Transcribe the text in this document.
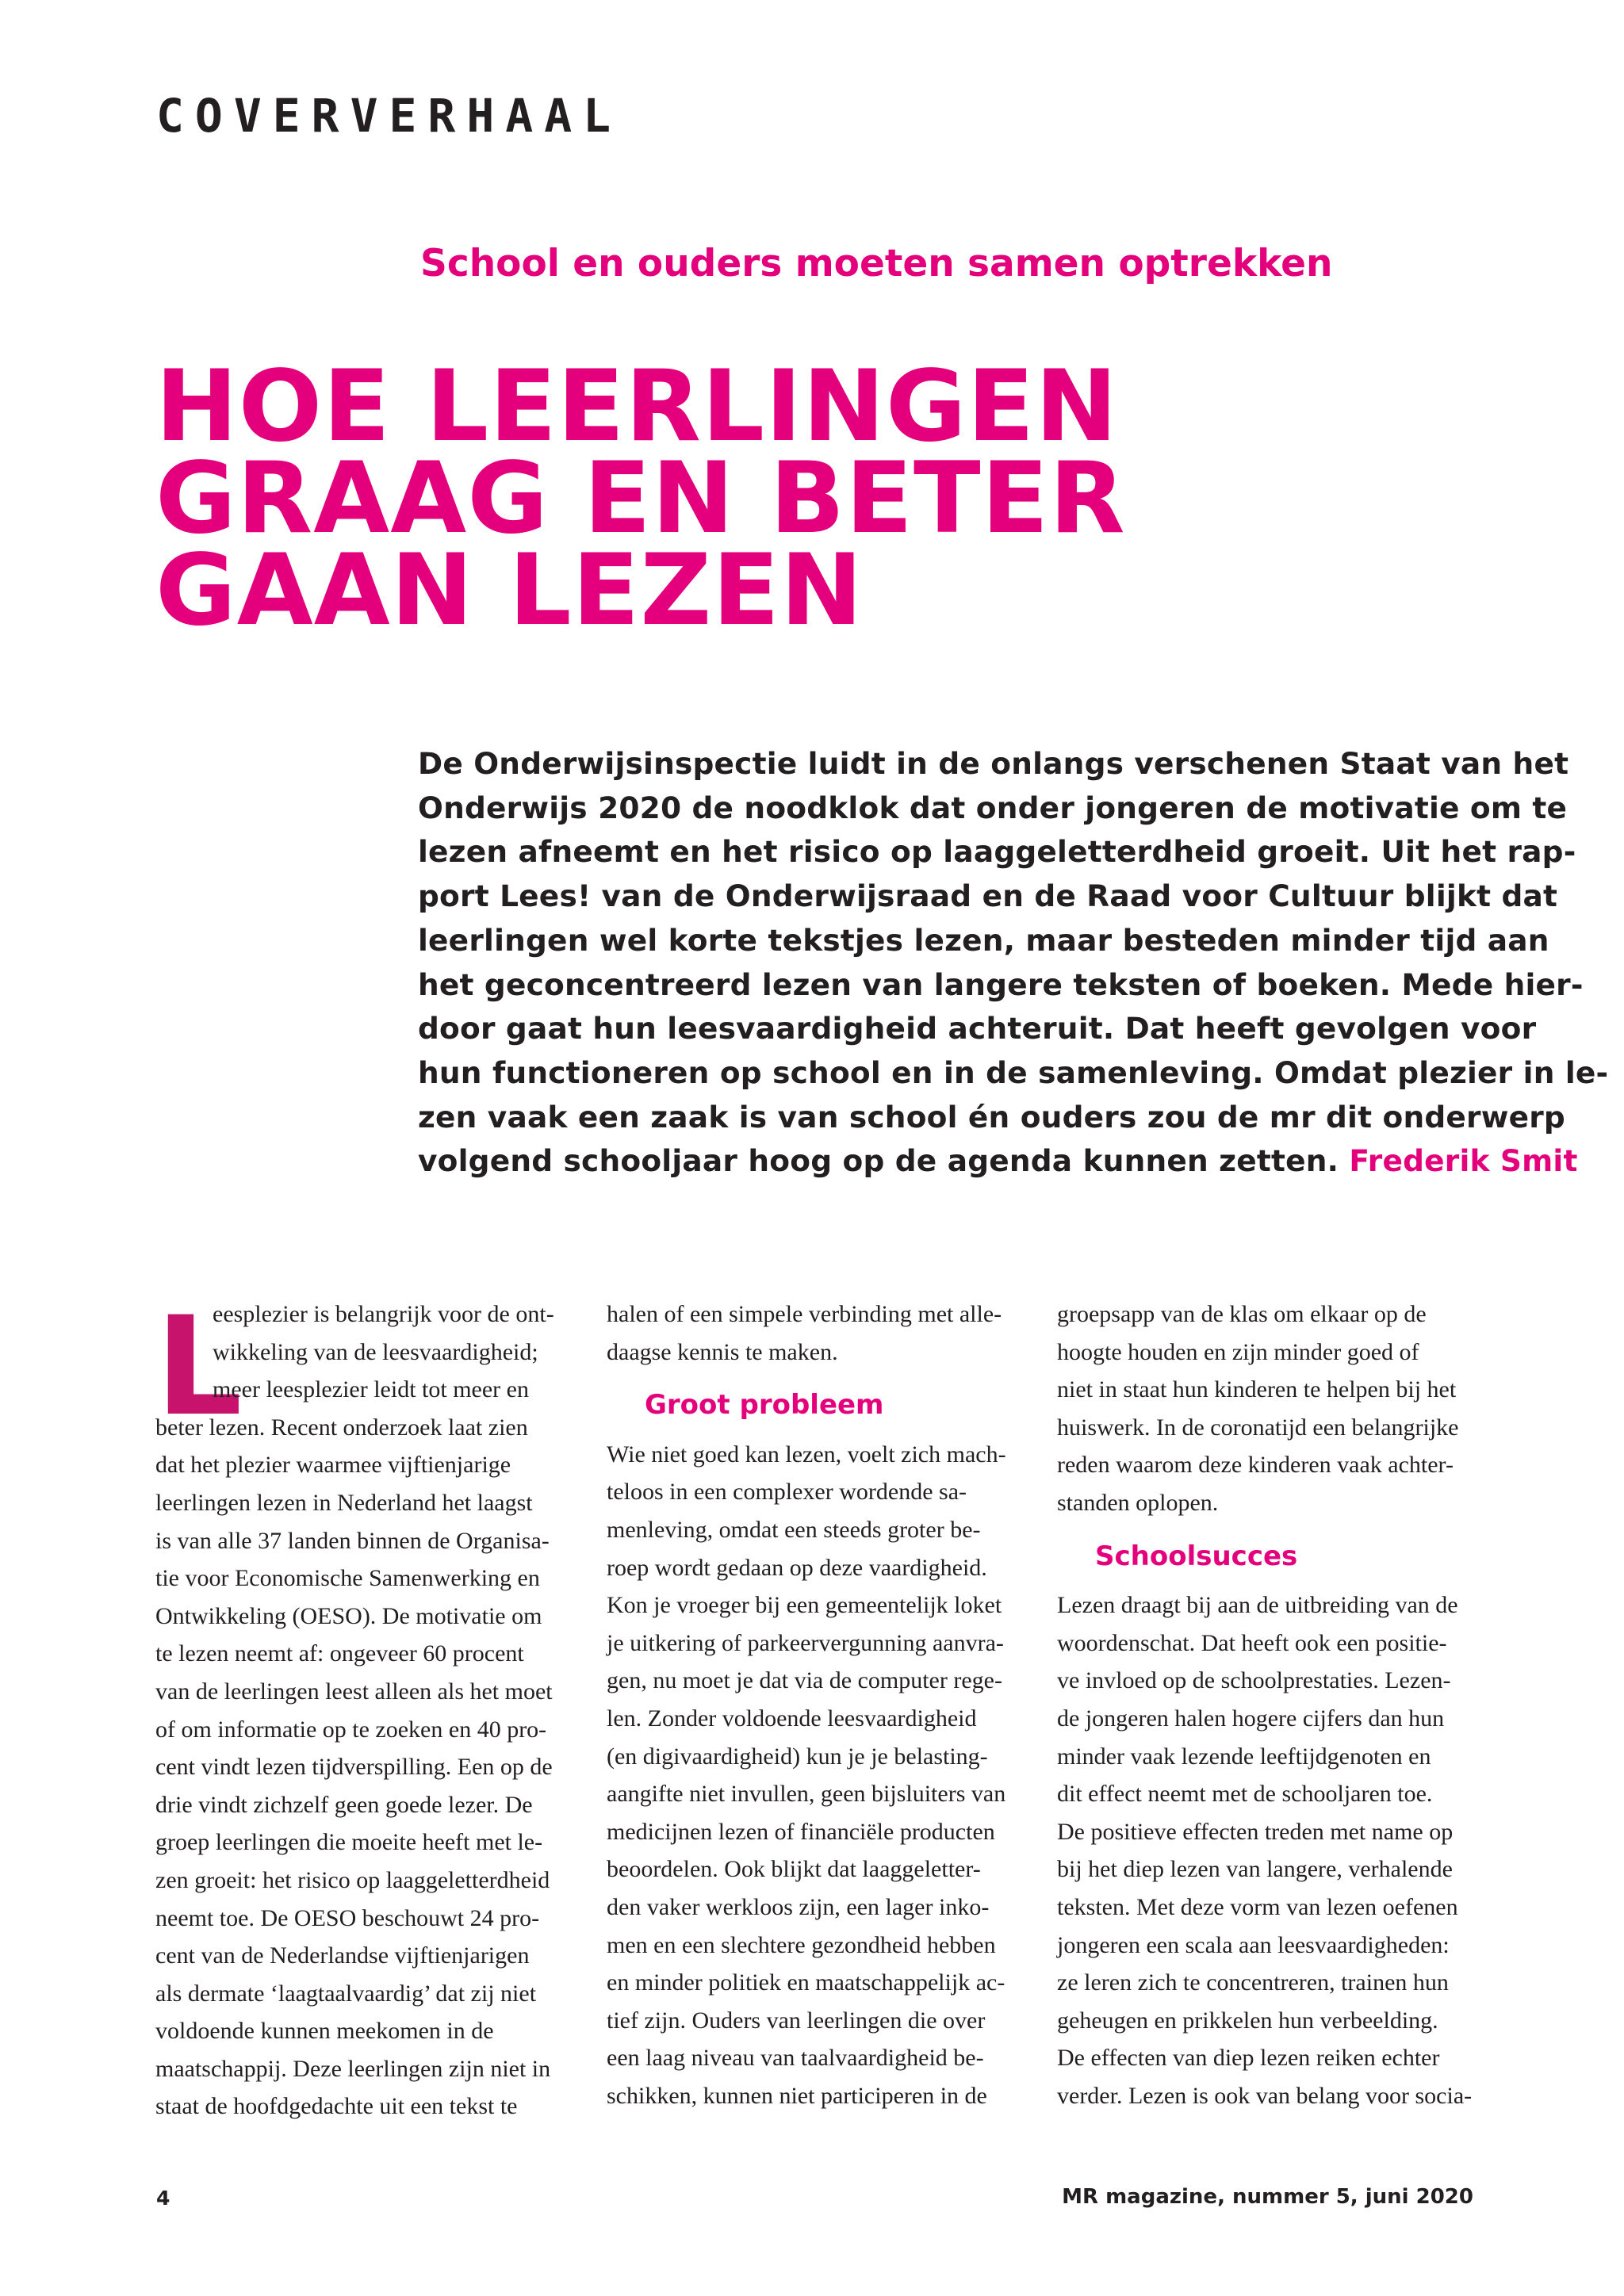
COVERVERHAAL
School en ouders moeten samen optrekken
HOE LEERLINGEN
GRAAG EN BETER
GAAN LEZEN
De Onderwijsinspectie luidt in de onlangs verschenen Staat van het
Onderwijs 2020 de noodklok dat onder jongeren de motivatie om te
lezen afneemt en het risico op laaggeletterdheid groeit. Uit het rap-
port Lees! van de Onderwijsraad en de Raad voor Cultuur blijkt dat
leerlingen wel korte tekstjes lezen, maar besteden minder tijd aan
het geconcentreerd lezen van langere teksten of boeken. Mede hier-
door gaat hun leesvaardigheid achteruit. Dat heeft gevolgen voor
hun functioneren op school en in de samenleving. Omdat plezier in le-
zen vaak een zaak is van school én ouders zou de mr dit onderwerp
volgend schooljaar hoog op de agenda kunnen zetten. Frederik Smit
L
eesplezier is belangrijk voor de ont-
wikkeling van de leesvaardigheid;
meer leesplezier leidt tot meer en
beter lezen. Recent onderzoek laat zien
dat het plezier waarmee vijftienjarige
leerlingen lezen in Nederland het laagst
is van alle 37 landen binnen de Organisa-
tie voor Economische Samenwerking en
Ontwikkeling (OESO). De motivatie om
te lezen neemt af: ongeveer 60 procent
van de leerlingen leest alleen als het moet
of om informatie op te zoeken en 40 pro-
cent vindt lezen tijdverspilling. Een op de
drie vindt zichzelf geen goede lezer. De
groep leerlingen die moeite heeft met le-
zen groeit: het risico op laaggeletterdheid
neemt toe. De OESO beschouwt 24 pro-
cent van de Nederlandse vijftienjarigen
als dermate ‘laagtaalvaardig’ dat zij niet
voldoende kunnen meekomen in de
maatschappij. Deze leerlingen zijn niet in
staat de hoofdgedachte uit een tekst te
halen of een simpele verbinding met alle-
daagse kennis te maken.
Groot probleem
Wie niet goed kan lezen, voelt zich mach-
teloos in een complexer wordende sa-
menleving, omdat een steeds groter be-
roep wordt gedaan op deze vaardigheid.
Kon je vroeger bij een gemeentelijk loket
je uitkering of parkeervergunning aanvra-
gen, nu moet je dat via de computer rege-
len. Zonder voldoende leesvaardigheid
(en digivaardigheid) kun je je belasting-
aangifte niet invullen, geen bijsluiters van
medicijnen lezen of financiële producten
beoordelen. Ook blijkt dat laaggeletter-
den vaker werkloos zijn, een lager inko-
men en een slechtere gezondheid hebben
en minder politiek en maatschappelijk ac-
tief zijn. Ouders van leerlingen die over
een laag niveau van taalvaardigheid be-
schikken, kunnen niet participeren in de
groepsapp van de klas om elkaar op de
hoogte houden en zijn minder goed of
niet in staat hun kinderen te helpen bij het
huiswerk. In de coronatijd een belangrijke
reden waarom deze kinderen vaak achter-
standen oplopen.
Schoolsucces
Lezen draagt bij aan de uitbreiding van de
woordenschat. Dat heeft ook een positie-
ve invloed op de schoolprestaties. Lezen-
de jongeren halen hogere cijfers dan hun
minder vaak lezende leeftijdgenoten en
dit effect neemt met de schooljaren toe.
De positieve effecten treden met name op
bij het diep lezen van langere, verhalende
teksten. Met deze vorm van lezen oefenen
jongeren een scala aan leesvaardigheden:
ze leren zich te concentreren, trainen hun
geheugen en prikkelen hun verbeelding.
De effecten van diep lezen reiken echter
verder. Lezen is ook van belang voor socia-
4	MR magazine, nummer 5, juni 2020
